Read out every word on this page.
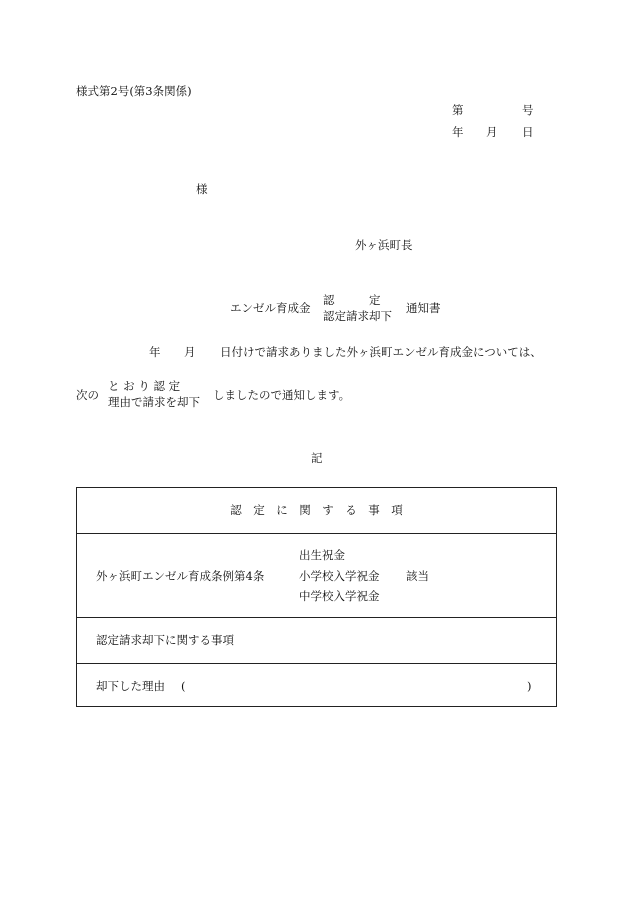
様式第2号(第3条関係)
第	号
年 月 日
様
外ヶ浜町長
エンゼル育成金
認　　　定
認定請求却下
通知書
年 月 日付けで請求ありました外ヶ浜町エンゼル育成金については、
次の
と お り 認 定
理由で請求を却下 しましたので通知します。
記
認　定　に　関　す　る　事　項
外ヶ浜町エンゼル育成条例第4条
出生祝金
小学校入学祝金
中学校入学祝金
該当
認定請求却下に関する事項
却下した理由 (	)
